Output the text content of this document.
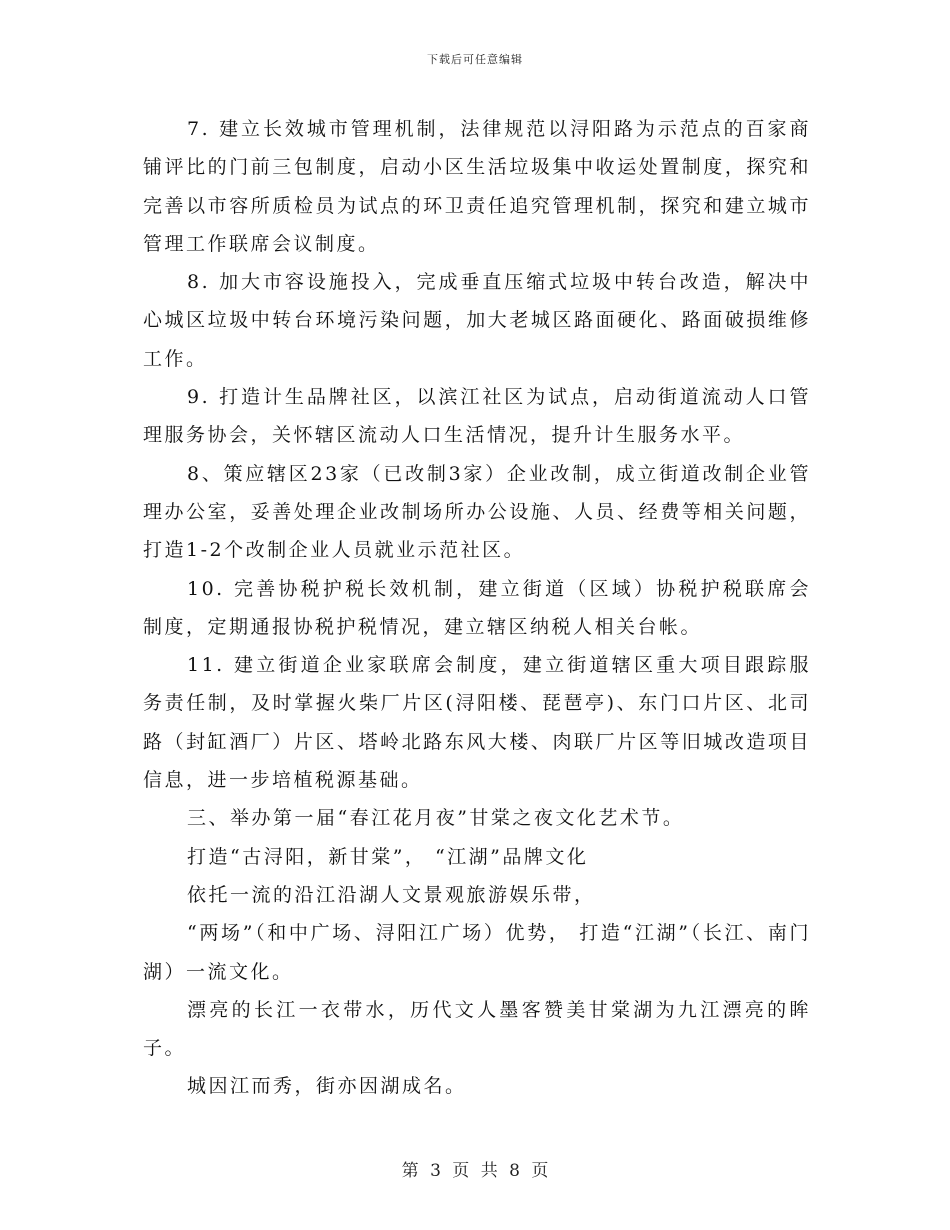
下载后可任意编辑

7. 建立长效城市管理机制，法律规范以浔阳路为示范点的百家商铺评比的门前三包制度，启动小区生活垃圾集中收运处置制度，探究和完善以市容所质检员为试点的环卫责任追究管理机制，探究和建立城市管理工作联席会议制度。

8. 加大市容设施投入，完成垂直压缩式垃圾中转台改造，解决中心城区垃圾中转台环境污染问题，加大老城区路面硬化、路面破损维修工作。

9. 打造计生品牌社区，以滨江社区为试点，启动街道流动人口管理服务协会，关怀辖区流动人口生活情况，提升计生服务水平。

8、策应辖区23家（已改制3家）企业改制，成立街道改制企业管理办公室，妥善处理企业改制场所办公设施、人员、经费等相关问题，打造1-2个改制企业人员就业示范社区。

10. 完善协税护税长效机制，建立街道（区域）协税护税联席会制度，定期通报协税护税情况，建立辖区纳税人相关台帐。

11. 建立街道企业家联席会制度，建立街道辖区重大项目跟踪服务责任制，及时掌握火柴厂片区(浔阳楼、琵琶亭)、东门口片区、北司路（封缸酒厂）片区、塔岭北路东风大楼、肉联厂片区等旧城改造项目信息，进一步培植税源基础。

三、举办第一届“春江花月夜”甘棠之夜文化艺术节。

打造“古浔阳，新甘棠”， “江湖”品牌文化

依托一流的沿江沿湖人文景观旅游娱乐带，

“两场”（和中广场、浔阳江广场）优势， 打造“江湖”（长江、南门湖）一流文化。

漂亮的长江一衣带水，历代文人墨客赞美甘棠湖为九江漂亮的眸子。

城因江而秀，街亦因湖成名。

第 3 页 共 8 页
